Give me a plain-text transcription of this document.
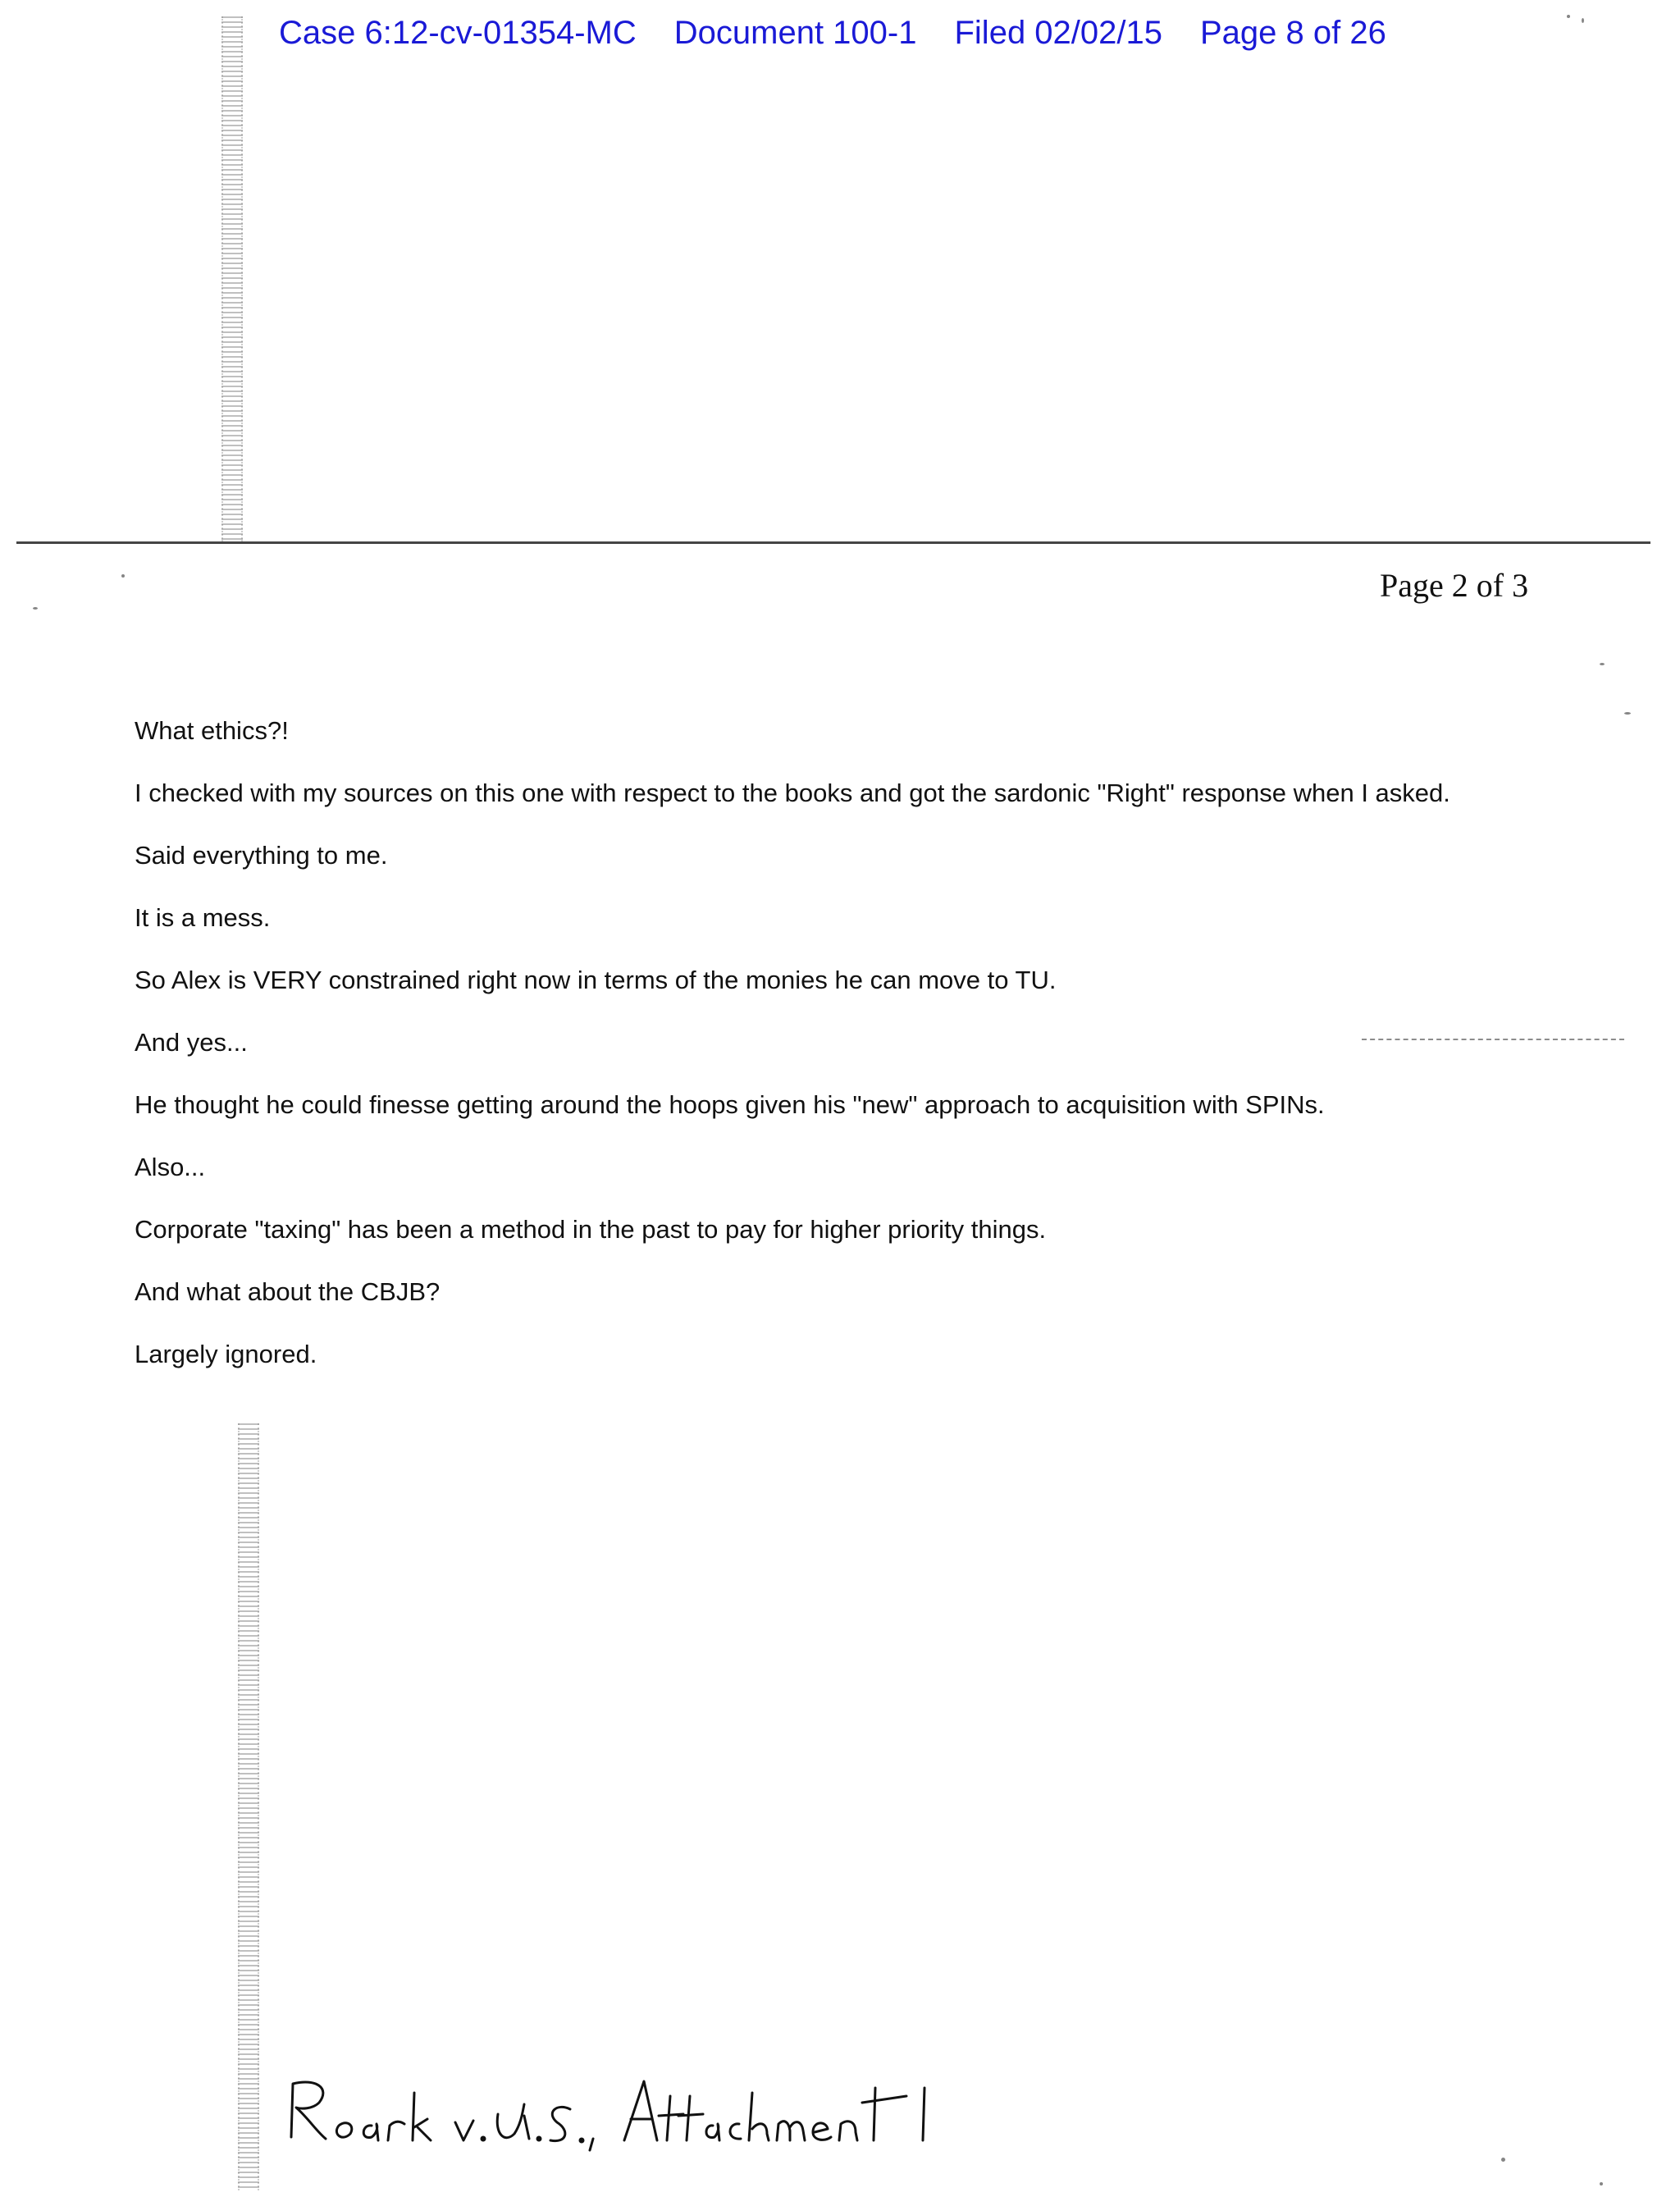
Case 6:12-cv-01354-MC Document 100-1 Filed 02/02/15 Page 8 of 26
Page 2 of 3

What ethics?!

I checked with my sources on this one with respect to the books and got the sardonic "Right" response when I asked.

Said everything to me.

It is a mess.

So Alex is VERY constrained right now in terms of the monies he can move to TU.

And yes...

He thought he could finesse getting around the hoops given his "new" approach to acquisition with SPINs.

Also...

Corporate "taxing" has been a method in the past to pay for higher priority things.

And what about the CBJB?

Largely ignored.
